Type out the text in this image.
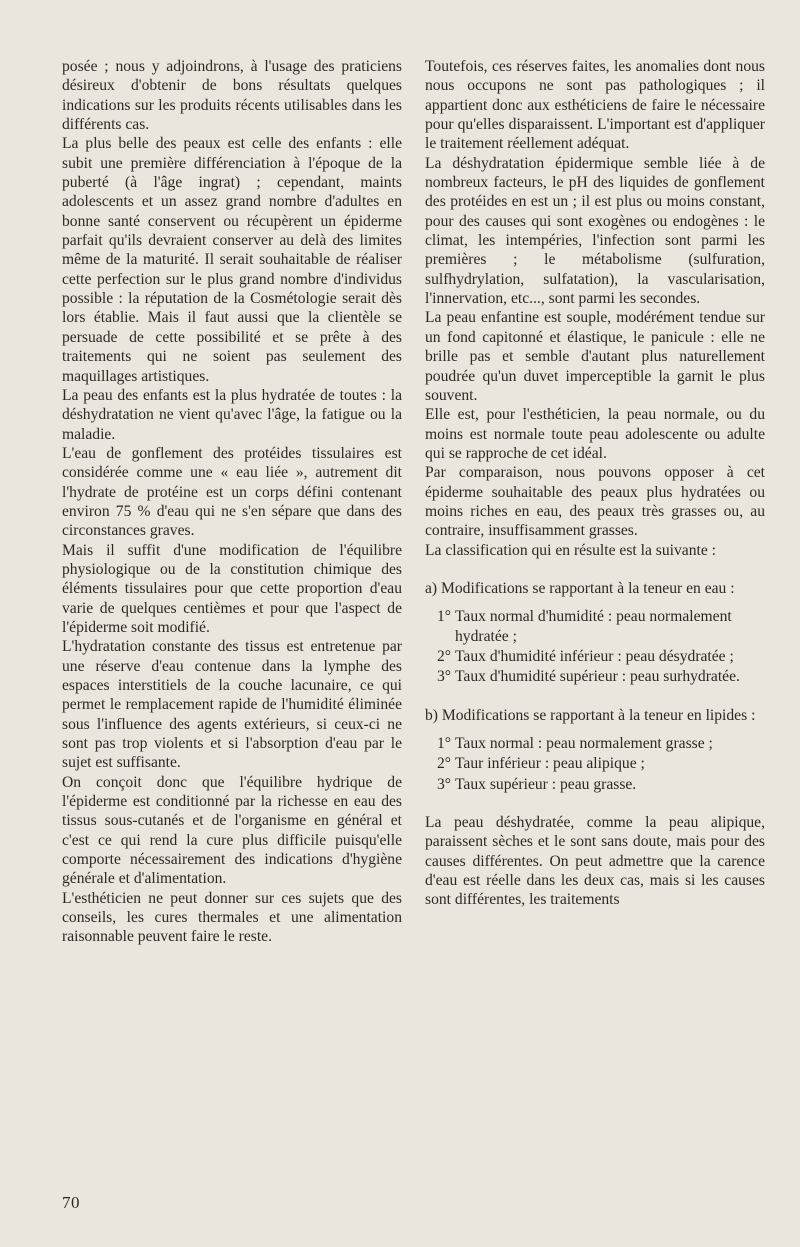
posée ; nous y adjoindrons, à l'usage des praticiens désireux d'obtenir de bons résultats quelques indications sur les produits récents utilisables dans les différents cas.

La plus belle des peaux est celle des enfants : elle subit une première différenciation à l'époque de la puberté (à l'âge ingrat) ; cependant, maints adolescents et un assez grand nombre d'adultes en bonne santé conservent ou récupèrent un épiderme parfait qu'ils devraient conserver au delà des limites même de la maturité. Il serait souhaitable de réaliser cette perfection sur le plus grand nombre d'individus possible : la réputation de la Cosmétologie serait dès lors établie. Mais il faut aussi que la clientèle se persuade de cette possibilité et se prête à des traitements qui ne soient pas seulement des maquillages artistiques.

La peau des enfants est la plus hydratée de toutes : la déshydratation ne vient qu'avec l'âge, la fatigue ou la maladie.

L'eau de gonflement des protéides tissulaires est considérée comme une « eau liée », autrement dit l'hydrate de protéine est un corps défini contenant environ 75 % d'eau qui ne s'en sépare que dans des circonstances graves.

Mais il suffit d'une modification de l'équilibre physiologique ou de la constitution chimique des éléments tissulaires pour que cette proportion d'eau varie de quelques centièmes et pour que l'aspect de l'épiderme soit modifié.

L'hydratation constante des tissus est entretenue par une réserve d'eau contenue dans la lymphe des espaces interstitiels de la couche lacunaire, ce qui permet le remplacement rapide de l'humidité éliminée sous l'influence des agents extérieurs, si ceux-ci ne sont pas trop violents et si l'absorption d'eau par le sujet est suffisante.

On conçoit donc que l'équilibre hydrique de l'épiderme est conditionné par la richesse en eau des tissus sous-cutanés et de l'organisme en général et c'est ce qui rend la cure plus difficile puisqu'elle comporte nécessairement des indications d'hygiène générale et d'alimentation.

L'esthéticien ne peut donner sur ces sujets que des conseils, les cures thermales et une alimentation raisonnable peuvent faire le reste.

Toutefois, ces réserves faites, les anomalies dont nous nous occupons ne sont pas pathologiques ; il appartient donc aux esthéticiens de faire le nécessaire pour qu'elles disparaissent. L'important est d'appliquer le traitement réellement adéquat.

La déshydratation épidermique semble liée à de nombreux facteurs, le pH des liquides de gonflement des protéides en est un ; il est plus ou moins constant, pour des causes qui sont exogènes ou endogènes : le climat, les intempéries, l'infection sont parmi les premières ; le métabolisme (sulfuration, sulfhydrylation, sulfatation), la vascularisation, l'innervation, etc..., sont parmi les secondes.

La peau enfantine est souple, modérément tendue sur un fond capitonné et élastique, le panicule : elle ne brille pas et semble d'autant plus naturellement poudrée qu'un duvet imperceptible la garnit le plus souvent.

Elle est, pour l'esthéticien, la peau normale, ou du moins est normale toute peau adolescente ou adulte qui se rapproche de cet idéal.

Par comparaison, nous pouvons opposer à cet épiderme souhaitable des peaux plus hydratées ou moins riches en eau, des peaux très grasses ou, au contraire, insuffisamment grasses.

La classification qui en résulte est la suivante :

a) Modifications se rapportant à la teneur en eau :

1° Taux normal d'humidité : peau normalement hydratée ;
2° Taux d'humidité inférieur : peau désydratée ;
3° Taux d'humidité supérieur : peau surhydratée.

b) Modifications se rapportant à la teneur en lipides :

1° Taux normal : peau normalement grasse ;
2° Taur inférieur : peau alipique ;
3° Taux supérieur : peau grasse.

La peau déshydratée, comme la peau alipique, paraissent sèches et le sont sans doute, mais pour des causes différentes. On peut admettre que la carence d'eau est réelle dans les deux cas, mais si les causes sont différentes, les traitements

70
